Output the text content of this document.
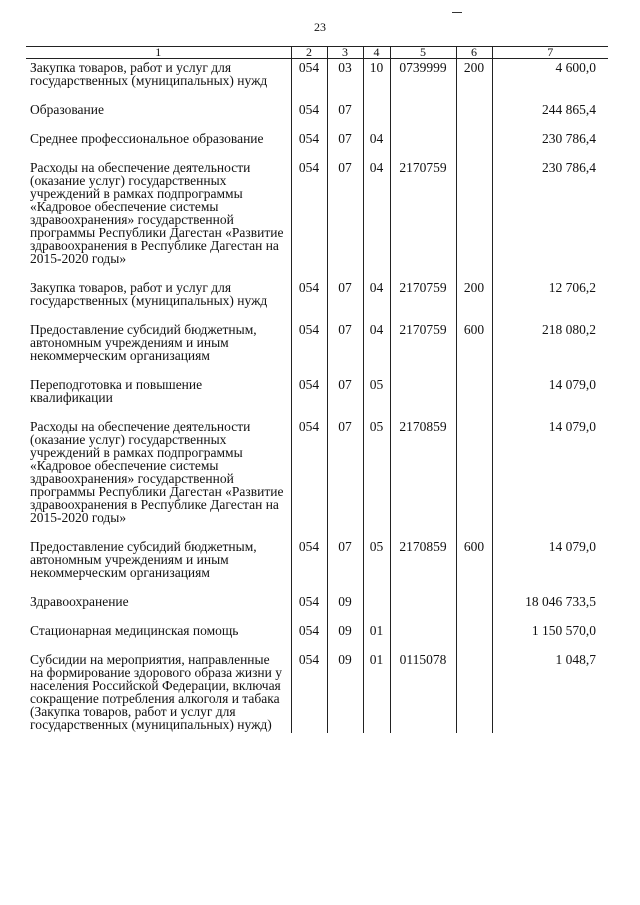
23
1	2	3	4	5	6	7
Закупка товаров, работ и услуг для государственных (муниципальных) нужд	054	03	10	0739999	200	4 600,0
Образование	054	07				244 865,4
Среднее профессиональное образование	054	07	04			230 786,4
Расходы на обеспечение деятельности (оказание услуг) государственных учреждений в рамках подпрограммы «Кадровое обеспечение системы здравоохранения» государственной программы Республики Дагестан «Развитие здравоохранения в Республике Дагестан на 2015-2020 годы»	054	07	04	2170759		230 786,4
Закупка товаров, работ и услуг для государственных (муниципальных) нужд	054	07	04	2170759	200	12 706,2
Предоставление субсидий бюджетным, автономным учреждениям и иным некоммерческим организациям	054	07	04	2170759	600	218 080,2
Переподготовка и повышение квалификации	054	07	05			14 079,0
Расходы на обеспечение деятельности (оказание услуг) государственных учреждений в рамках подпрограммы «Кадровое обеспечение системы здравоохранения» государственной программы Республики Дагестан «Развитие здравоохранения в Республике Дагестан на 2015-2020 годы»	054	07	05	2170859		14 079,0
Предоставление субсидий бюджетным, автономным учреждениям и иным некоммерческим организациям	054	07	05	2170859	600	14 079,0
Здравоохранение	054	09				18 046 733,5
Стационарная медицинская помощь	054	09	01			1 150 570,0
Субсидии на мероприятия, направленные на формирование здорового образа жизни у населения Российской Федерации, включая сокращение потребления алкоголя и табака (Закупка товаров, работ и услуг для государственных (муниципальных) нужд)	054	09	01	0115078		1 048,7
